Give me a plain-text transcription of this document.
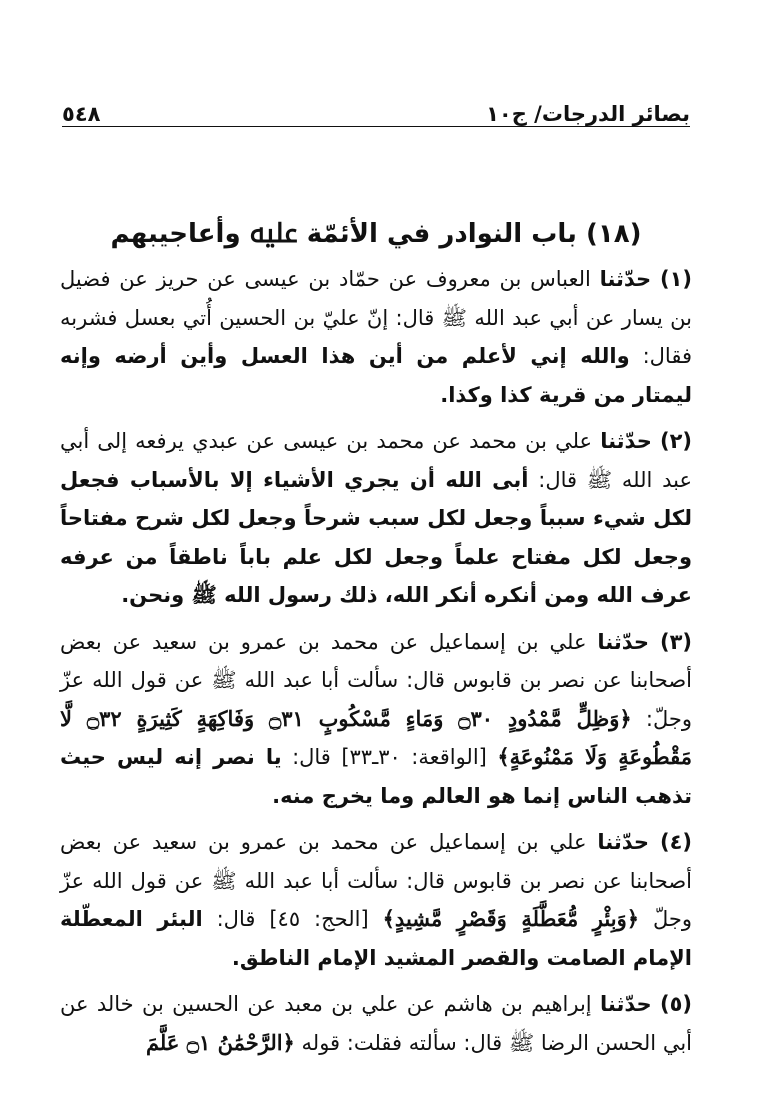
٥٤٨	بصائر الدرجات/ ج١٠
(١٨) باب النوادر في الأئمّة ﷷ وأعاجيبهم

(١) حدّثنا العباس بن معروف عن حمّاد بن عيسى عن حريز عن فضيل بن يسار عن أبي عبد الله ﷺ قال: إنّ عليّ بن الحسين أُتي بعسل فشربه فقال: والله إني لأعلم من أين هذا العسل وأين أرضه وإنه ليمتار من قرية كذا وكذا.

(٢) حدّثنا علي بن محمد عن محمد بن عيسى عن عبدي يرفعه إلى أبي عبد الله ﷺ قال: أبى الله أن يجري الأشياء إلا بالأسباب فجعل لكل شيء سبباً وجعل لكل سبب شرحاً وجعل لكل شرح مفتاحاً وجعل لكل مفتاح علماً وجعل لكل علم باباً ناطقاً من عرفه عرف الله ومن أنكره أنكر الله، ذلك رسول الله ﷺ ونحن.

(٣) حدّثنا علي بن إسماعيل عن محمد بن عمرو بن سعيد عن بعض أصحابنا عن نصر بن قابوس قال: سألت أبا عبد الله ﷺ عن قول الله عزّ وجلّ: ﴿وَظِلٍّ مَّمْدُودٍ ۝٣٠ وَمَاءٍ مَّسْكُوبٍ ۝٣١ وَفَاكِهَةٍ كَثِيرَةٍ ۝٣٢ لَّا مَقْطُوعَةٍ وَلَا مَمْنُوعَةٍ﴾ [الواقعة: ٣٠ـ٣٣] قال: يا نصر إنه ليس حيث تذهب الناس إنما هو العالم وما يخرج منه.

(٤) حدّثنا علي بن إسماعيل عن محمد بن عمرو بن سعيد عن بعض أصحابنا عن نصر بن قابوس قال: سألت أبا عبد الله ﷺ عن قول الله عزّ وجلّ ﴿وَبِئْرٍ مُّعَطَّلَةٍ وَقَصْرٍ مَّشِيدٍ﴾ [الحج: ٤٥] قال: البئر المعطّلة الإمام الصامت والقصر المشيد الإمام الناطق.

(٥) حدّثنا إبراهيم بن هاشم عن علي بن معبد عن الحسين بن خالد عن أبي الحسن الرضا ﷺ قال: سألته فقلت: قوله ﴿الرَّحْمَٰنُ ۝١ عَلَّمَ
